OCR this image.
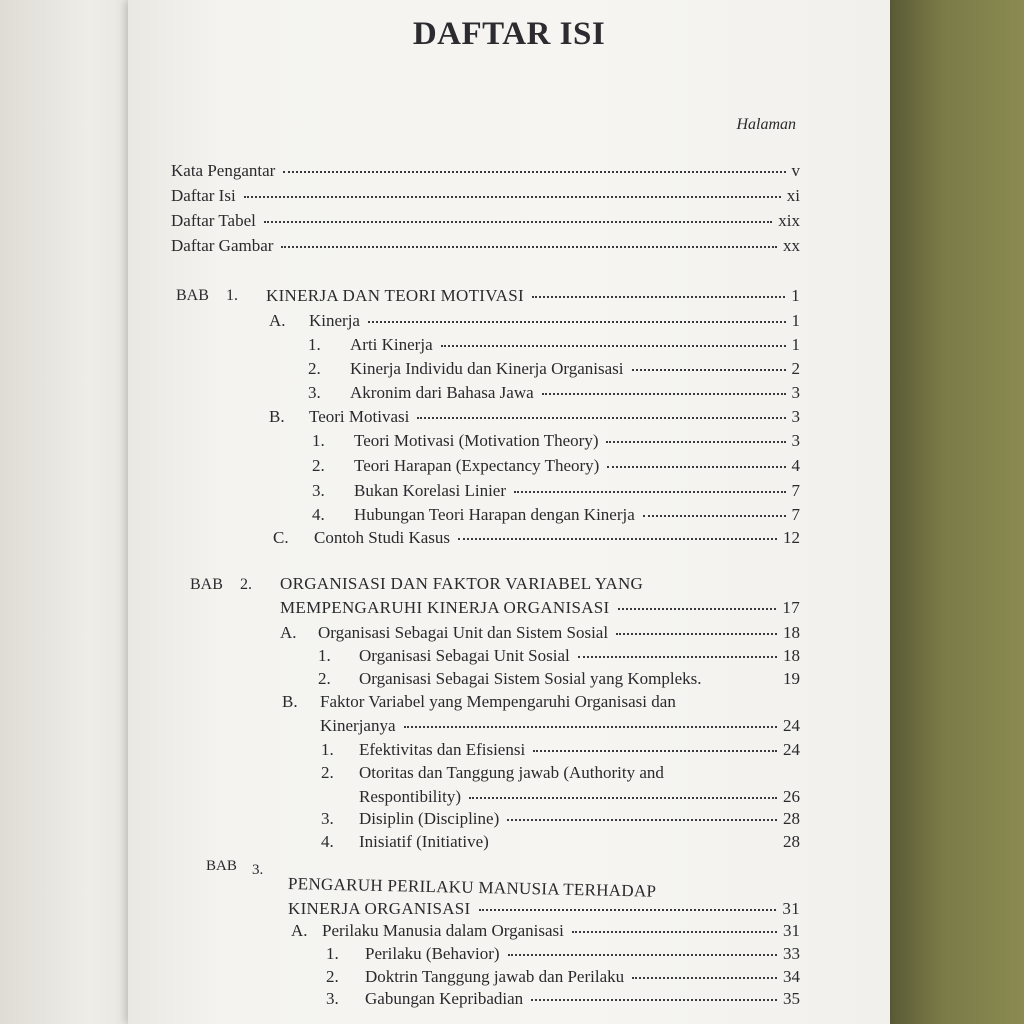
DAFTAR ISI
Halaman
Kata Pengantar	v
Daftar Isi	xi
Daftar Tabel	xix
Daftar Gambar	xx
BAB 1. KINERJA DAN TEORI MOTIVASI	1
A. Kinerja	1
1. Arti Kinerja	1
2. Kinerja Individu dan Kinerja Organisasi	2
3. Akronim dari Bahasa Jawa	3
B. Teori Motivasi	3
1. Teori Motivasi (Motivation Theory)	3
2. Teori Harapan (Expectancy Theory)	4
3. Bukan Korelasi Linier	7
4. Hubungan Teori Harapan dengan Kinerja	7
C. Contoh Studi Kasus	12
BAB 2. ORGANISASI DAN FAKTOR VARIABEL YANG
MEMPENGARUHI KINERJA ORGANISASI	17
A. Organisasi Sebagai Unit dan Sistem Sosial	18
1. Organisasi Sebagai Unit Sosial	18
2. Organisasi Sebagai Sistem Sosial yang Kompleks.	19
B. Faktor Variabel yang Mempengaruhi Organisasi dan
Kinerjanya	24
1. Efektivitas dan Efisiensi	24
2. Otoritas dan Tanggung jawab (Authority and
Respontibility)	26
3. Disiplin (Discipline)	28
4. Inisiatif (Initiative)	28
BAB 3.
PENGARUH PERILAKU MANUSIA TERHADAP
KINERJA ORGANISASI	31
A. Perilaku Manusia dalam Organisasi	31
1. Perilaku (Behavior)	33
2. Doktrin Tanggung jawab dan Perilaku	34
3. Gabungan Kepribadian	35
